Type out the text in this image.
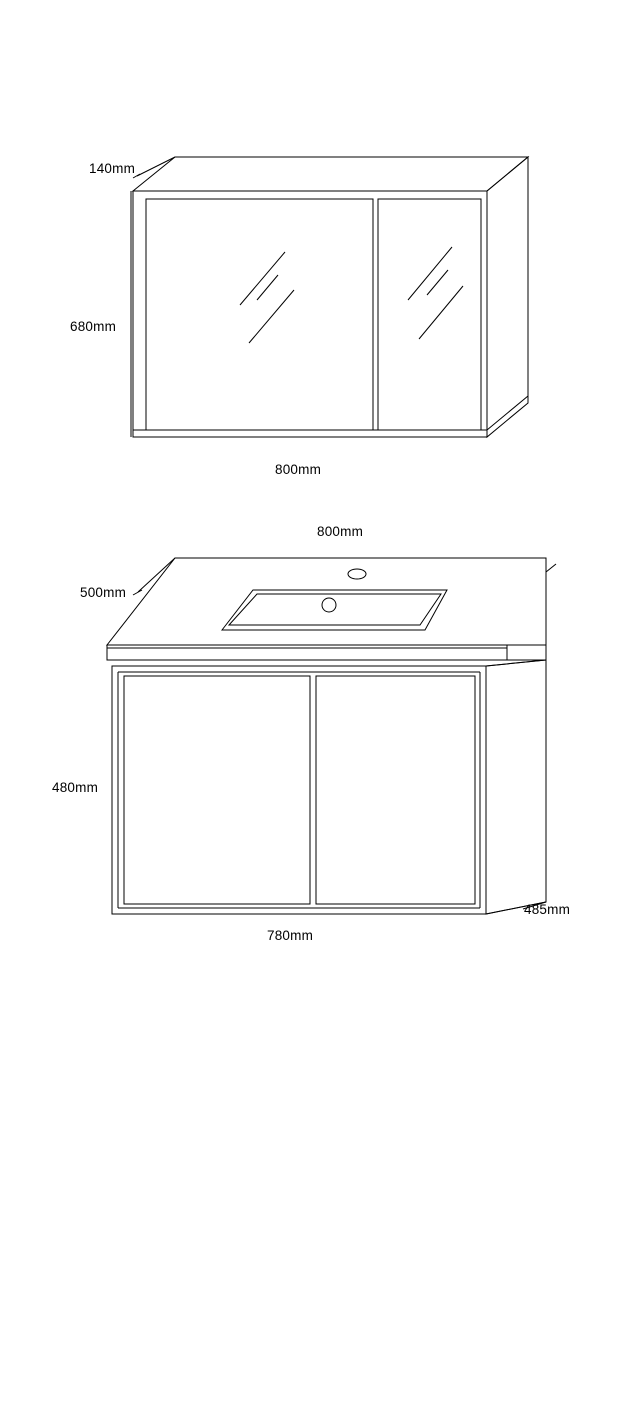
140mm
680mm
800mm
800mm
500mm
480mm
780mm
485mm
